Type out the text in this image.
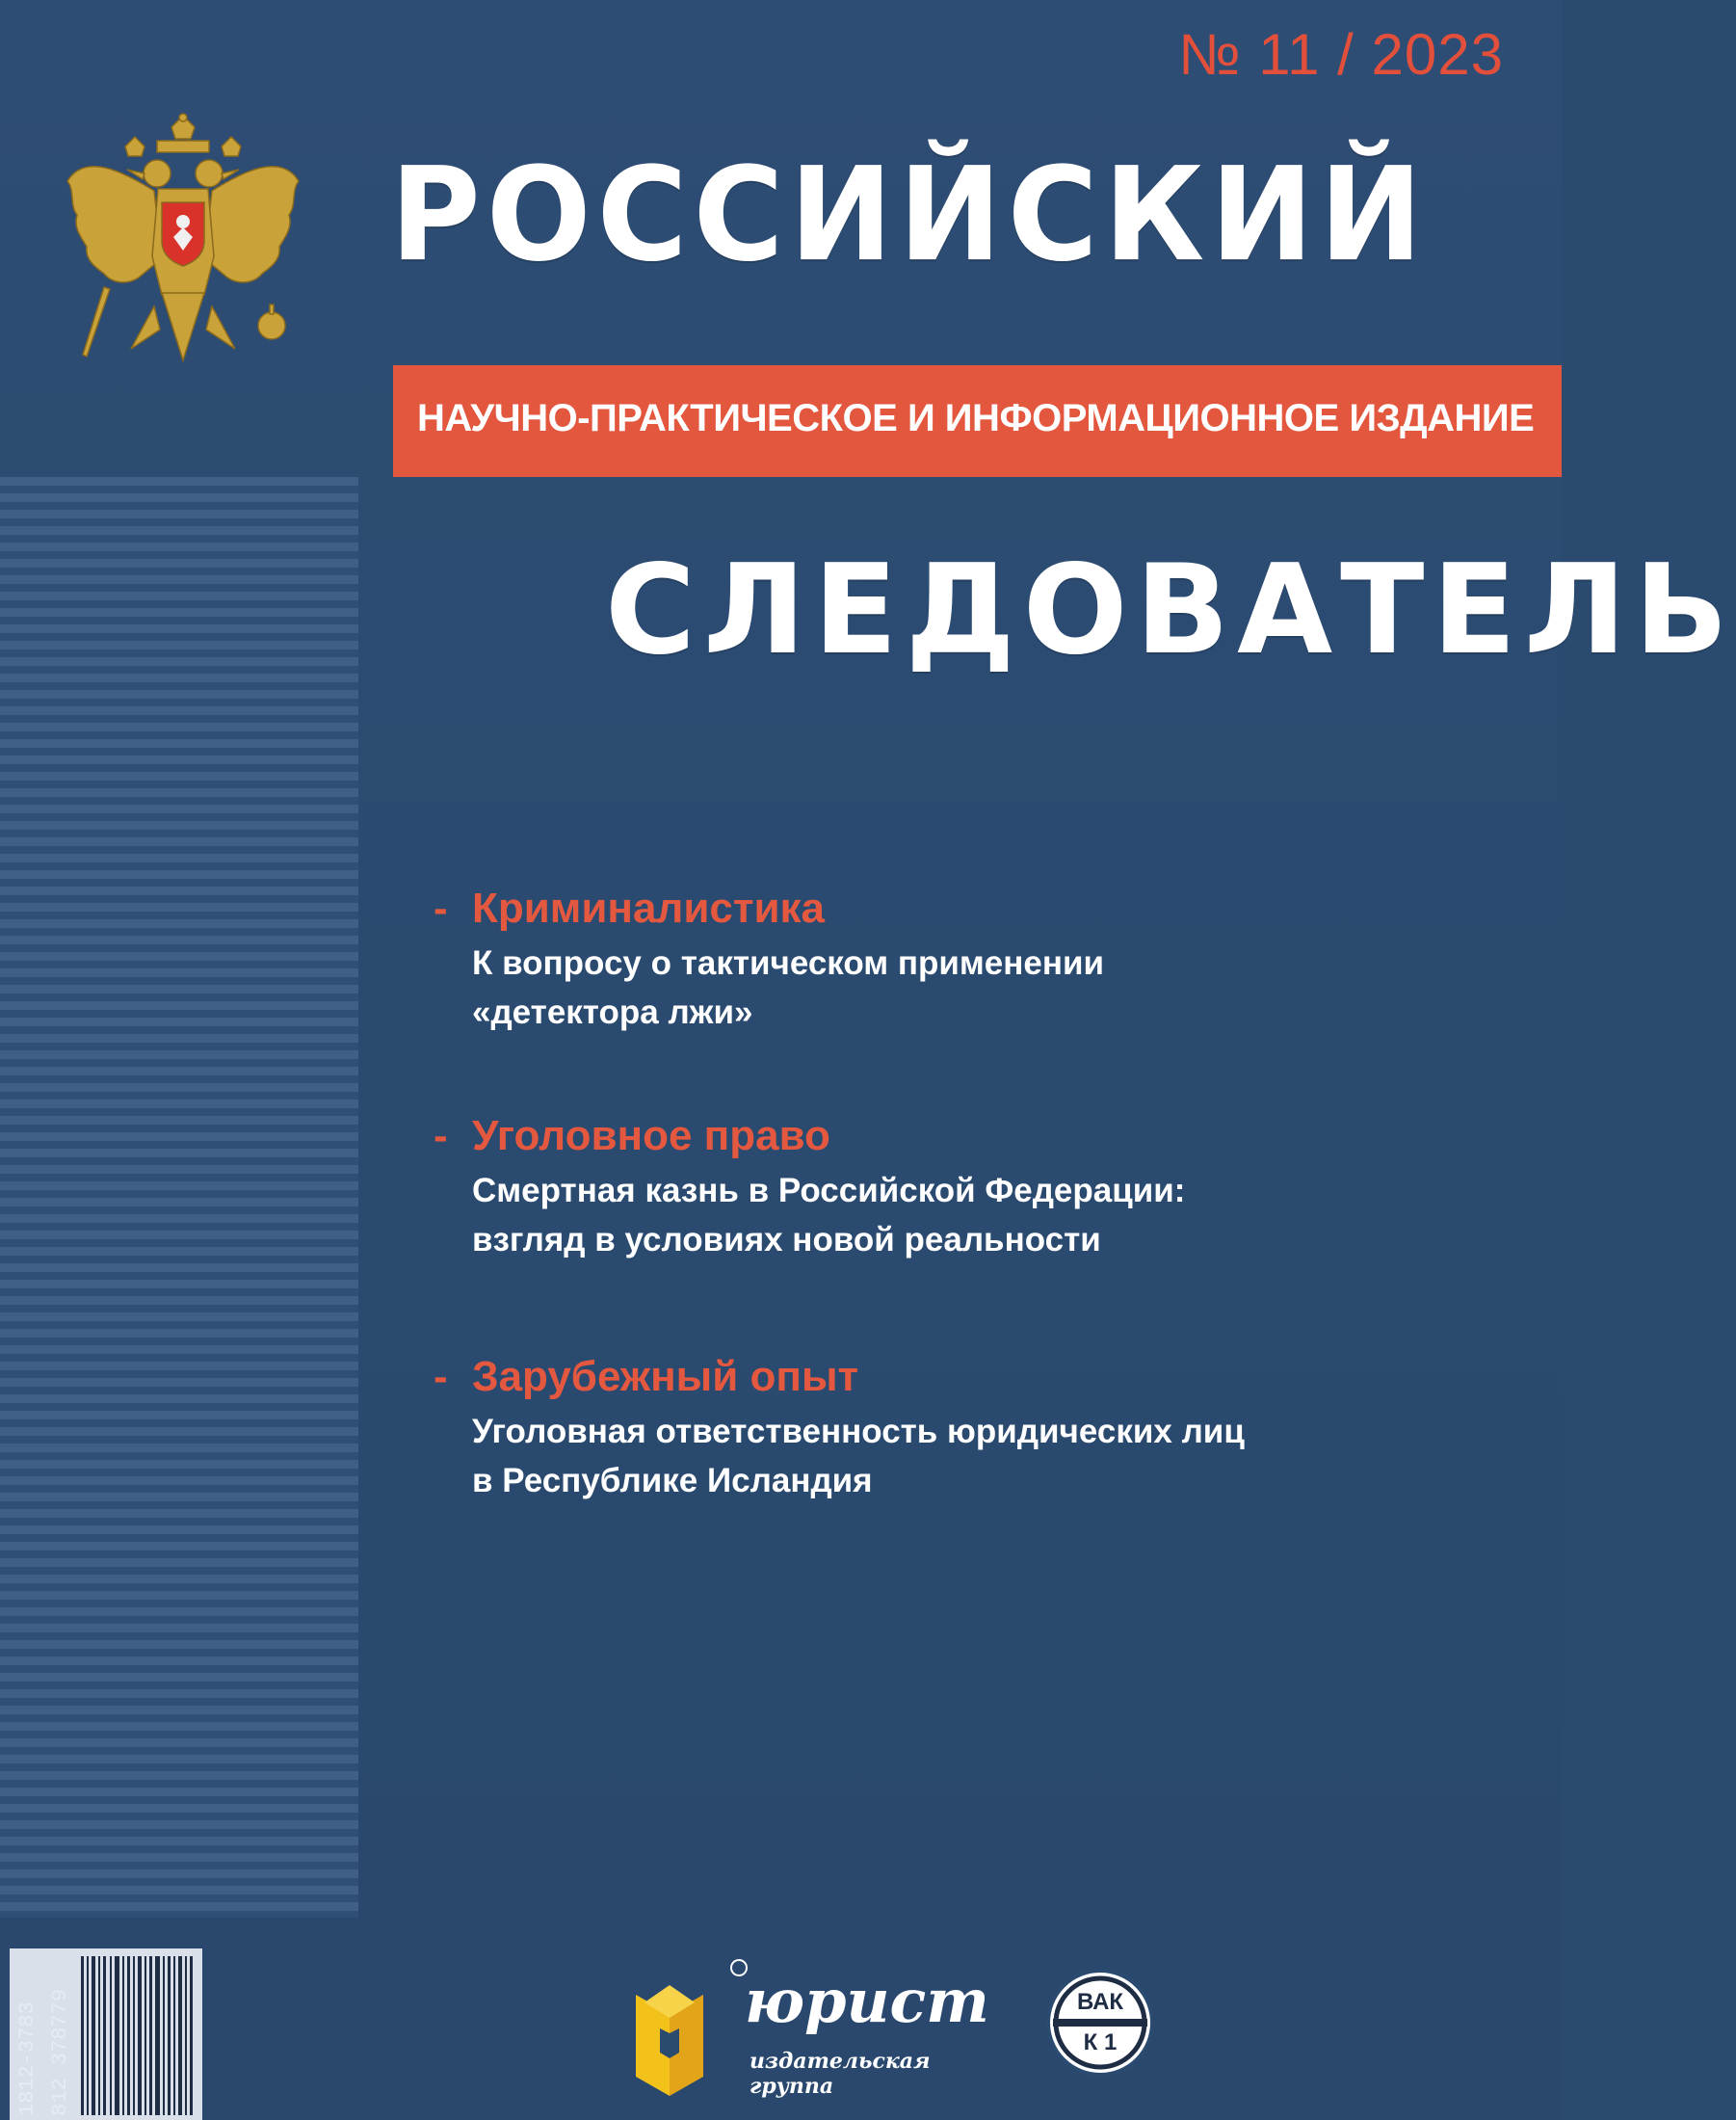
№ 11 / 2023
РОССИЙСКИЙ
НАУЧНО-ПРАКТИЧЕСКОЕ И ИНФОРМАЦИОННОЕ ИЗДАНИЕ
СЛЕДОВАТЕЛЬ
- Криминалистика
К вопросу о тактическом применении
«детектора лжи»
- Уголовное право
Смертная казнь в Российской Федерации:
взгляд в условиях новой реальности
- Зарубежный опыт
Уголовная ответственность юридических лиц
в Республике Исландия
1812-3783 812 378779	юрист
издательская
группа
ВАК
К 1
